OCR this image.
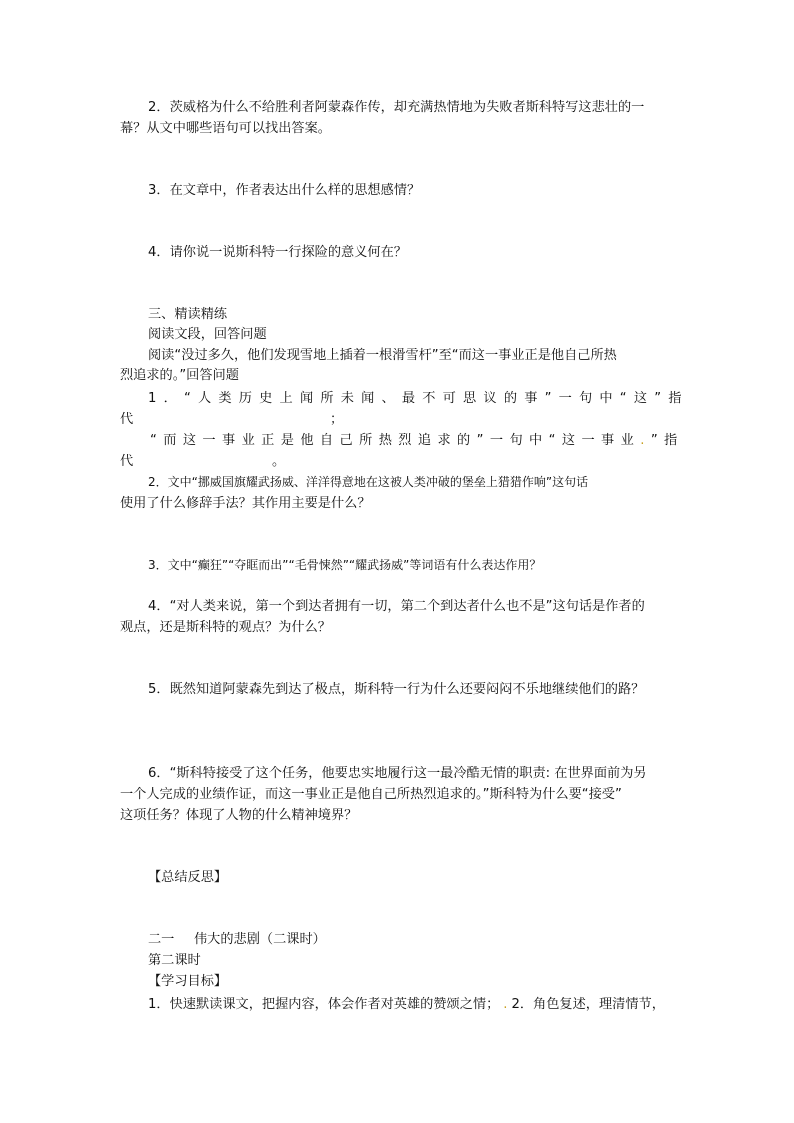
2．茨威格为什么不给胜利者阿蒙森作传，却充满热情地为失败者斯科特写这悲壮的一
幕？从文中哪些语句可以找出答案。
3．在文章中，作者表达出什么样的思想感情？
4．请你说一说斯科特一行探险的意义何在？
三、精读精练
阅读文段，回答问题
阅读“没过多久，他们发现雪地上插着一根滑雪杆”至“而这一事业正是他自己所热
烈追求的。”回答问题
1．“人类历史上闻所未闻、最不可思议的事”一句中“这”指
代	；
“而这一事业正是他自己所热烈追求的”一句中“这一事业.”指
代	。
2．文中“挪威国旗耀武扬威、洋洋得意地在这被人类冲破的堡垒上猎猎作响”这句话
使用了什么修辞手法？其作用主要是什么？
3．文中“癫狂”“夺眶而出”“毛骨悚然”“耀武扬威”等词语有什么表达作用？
4．“对人类来说，第一个到达者拥有一切，第二个到达者什么也不是”这句话是作者的
观点，还是斯科特的观点？为什么？
5．既然知道阿蒙森先到达了极点，斯科特一行为什么还要闷闷不乐地继续他们的路？
6．“斯科特接受了这个任务，他要忠实地履行这一最冷酷无情的职责: 在世界面前为另
一个人完成的业绩作证，而这一事业正是他自己所热烈追求的。”斯科特为什么要“接受”
这项任务？体现了人物的什么精神境界？
【总结反思】
二一 伟大的悲剧（二课时）
第二课时
【学习目标】
1．快速默读课文，把握内容，体会作者对英雄的赞颂之情； . 2．角色复述，理清情节，
